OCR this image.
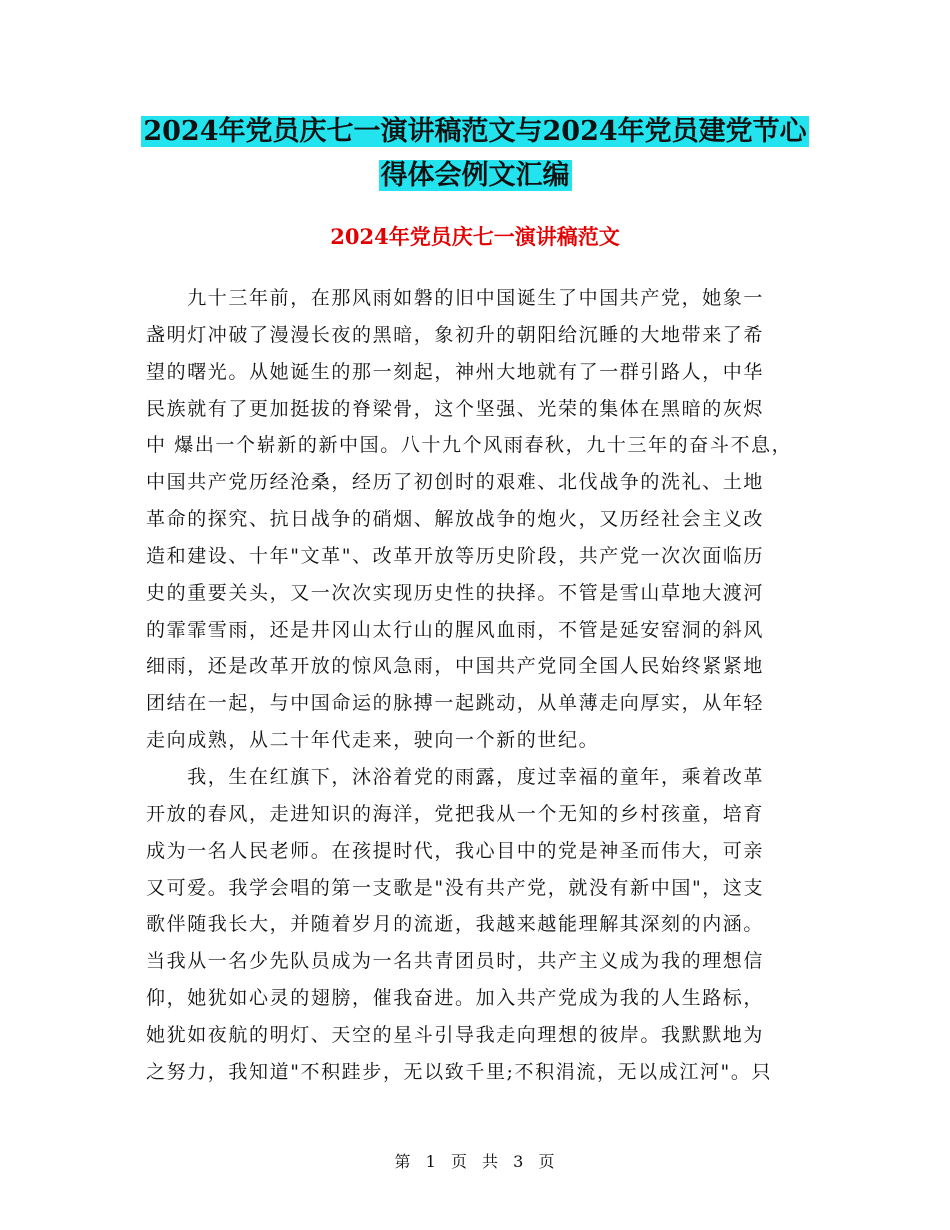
2024年党员庆七一演讲稿范文与2024年党员建党节心
得体会例文汇编
2024年党员庆七一演讲稿范文
　　九十三年前，在那风雨如磐的旧中国诞生了中国共产党，她象一
盏明灯冲破了漫漫长夜的黑暗，象初升的朝阳给沉睡的大地带来了希
望的曙光。从她诞生的那一刻起，神州大地就有了一群引路人，中华
民族就有了更加挺拔的脊梁骨，这个坚强、光荣的集体在黑暗的灰烬
中 爆出一个崭新的新中国。八十九个风雨春秋，九十三年的奋斗不息，
中国共产党历经沧桑，经历了初创时的艰难、北伐战争的洗礼、土地
革命的探究、抗日战争的硝烟、解放战争的炮火，又历经社会主义改
造和建设、十年"文革"、改革开放等历史阶段，共产党一次次面临历
史的重要关头，又一次次实现历史性的抉择。不管是雪山草地大渡河
的霏霏雪雨，还是井冈山太行山的腥风血雨，不管是延安窑洞的斜风
细雨，还是改革开放的惊风急雨，中国共产党同全国人民始终紧紧地
团结在一起，与中国命运的脉搏一起跳动，从单薄走向厚实，从年轻
走向成熟，从二十年代走来，驶向一个新的世纪。
　　我，生在红旗下，沐浴着党的雨露，度过幸福的童年，乘着改革
开放的春风，走进知识的海洋，党把我从一个无知的乡村孩童，培育
成为一名人民老师。在孩提时代，我心目中的党是神圣而伟大，可亲
又可爱。我学会唱的第一支歌是"没有共产党，就没有新中国"，这支
歌伴随我长大，并随着岁月的流逝，我越来越能理解其深刻的内涵。
当我从一名少先队员成为一名共青团员时，共产主义成为我的理想信
仰，她犹如心灵的翅膀，催我奋进。加入共产党成为我的人生路标，
她犹如夜航的明灯、天空的星斗引导我走向理想的彼岸。我默默地为
之努力，我知道"不积跬步，无以致千里;不积涓流，无以成江河"。只
第 1 页 共 3 页
